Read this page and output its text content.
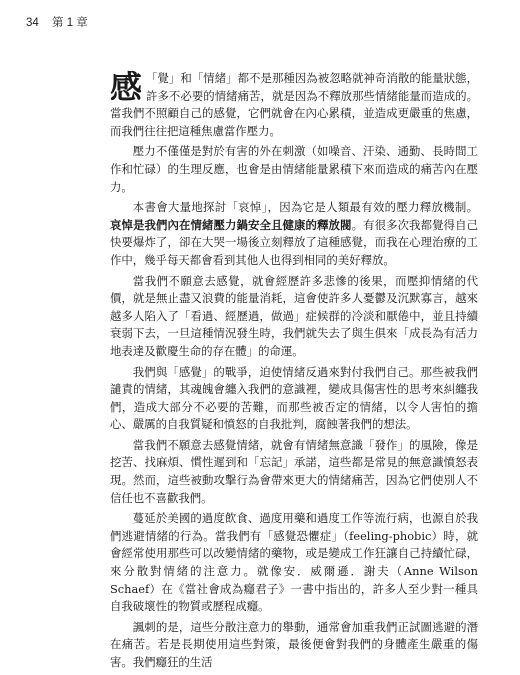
34 第 1 章

「
感 覺」和「情緒」都不是那種因為被忽略就神奇消散的能量狀態，許多不必要的情緒痛苦，就是因為不釋放那些情緒能量而造成的。當我們不照顧自己的感覺，它們就會在內心累積，並造成更嚴重的焦慮，而我們往往把這種焦慮當作壓力。

壓力不僅僅是對於有害的外在刺激（如噪音、汗染、通勤、長時間工作和忙碌）的生理反應，也會是由情緒能量累積下來而造成的痛苦內在壓力。

本書會大量地探討「哀悼」，因為它是人類最有效的壓力釋放機制。哀悼是我們內在情緒壓力鍋安全且健康的釋放閥。有很多次我都覺得自己快要爆炸了，卻在大哭一場後立刻釋放了這種感覺，而我在心理治療的工作中，幾乎每天都會看到其他人也得到相同的美好釋放。

當我們不願意去感覺，就會經歷許多悲慘的後果，而壓抑情緒的代價，就是無止盡又浪費的能量消耗，這會使許多人憂鬱及沉默寡言，越來越多人陷入了「看過、經歷過，做過」症候群的冷淡和厭倦中，並且持續衰弱下去，一旦這種情況發生時，我們就失去了與生俱來「成長為有活力地表達及歡慶生命的存在體」的命運。

我們與「感覺」的戰爭，迫使情緒反過來對付我們自己。那些被我們譴責的情緒，其魂魄會纏入我們的意識裡，變成具傷害性的思考來糾纏我們，造成大部分不必要的苦難，而那些被否定的情緒，以令人害怕的擔心、嚴厲的自我質疑和憤怒的自我批判，腐蝕著我們的想法。

當我們不願意去感覺情緒，就會有情緒無意識「發作」的風險，像是挖苦、找麻煩、慣性遲到和「忘記」承諾，這些都是常見的無意識憤怒表現。然而，這些被動攻擊行為會帶來更大的情緒痛苦，因為它們使別人不信任也不喜歡我們。

蔓延於美國的過度飲食、過度用藥和過度工作等流行病，也源自於我們逃避情緒的行為。當我們有「感覺恐懼症」（feeling-phobic）時，就會經常使用那些可以改變情緒的藥物，或是變成工作狂讓自己持續忙碌，來分散對情緒的注意力。就像安．威爾遜．謝夫（Anne Wilson Schaef）在《當社會成為癮君子》一書中指出的，許多人至少對一種具自我破壞性的物質或歷程成癮。

諷刺的是，這些分散注意力的舉動，通常會加重我們正試圖逃避的潛在痛苦。若是長期使用這些對策，最後便會對我們的身體產生嚴重的傷害。我們癮狂的生活
